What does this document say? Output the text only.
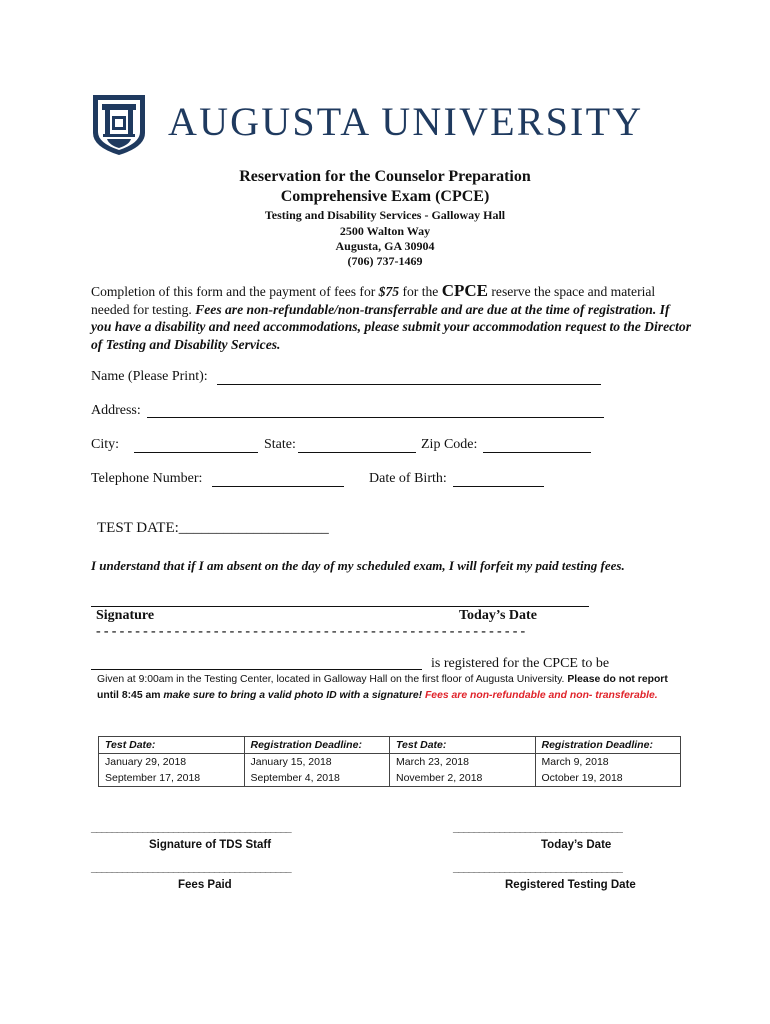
AUGUSTA UNIVERSITY
Reservation for the Counselor Preparation
Comprehensive Exam (CPCE)
Testing and Disability Services - Galloway Hall
2500 Walton Way
Augusta, GA 30904
(706) 737-1469
Completion of this form and the payment of fees for $75 for the CPCE reserve the space and material needed for testing. Fees are non-refundable/non-transferrable and are due at the time of registration. If you have a disability and need accommodations, please submit your accommodation request to the Director of Testing and Disability Services.
Name (Please Print):
Address:
City:	State:	Zip Code:
Telephone Number:	Date of Birth:
TEST DATE:____________________
I understand that if I am absent on the day of my scheduled exam, I will forfeit my paid testing fees.
Signature	Today’s Date
-------------------------------------------------------
is registered for the CPCE to be
Given at 9:00am in the Testing Center, located in Galloway Hall on the first floor of Augusta University. Please do not report until 8:45 am make sure to bring a valid photo ID with a signature! Fees are non-refundable and non- transferable.
Test Date:	Registration Deadline:	Test Date:	Registration Deadline:
January 29, 2018	January 15, 2018	March 23, 2018	March 9, 2018
September 17, 2018	September 4, 2018	November 2, 2018	October 19, 2018
_______________________________________
Signature of TDS Staff
_________________________________
Today’s Date
_______________________________________
Fees Paid
_________________________________
Registered Testing Date
